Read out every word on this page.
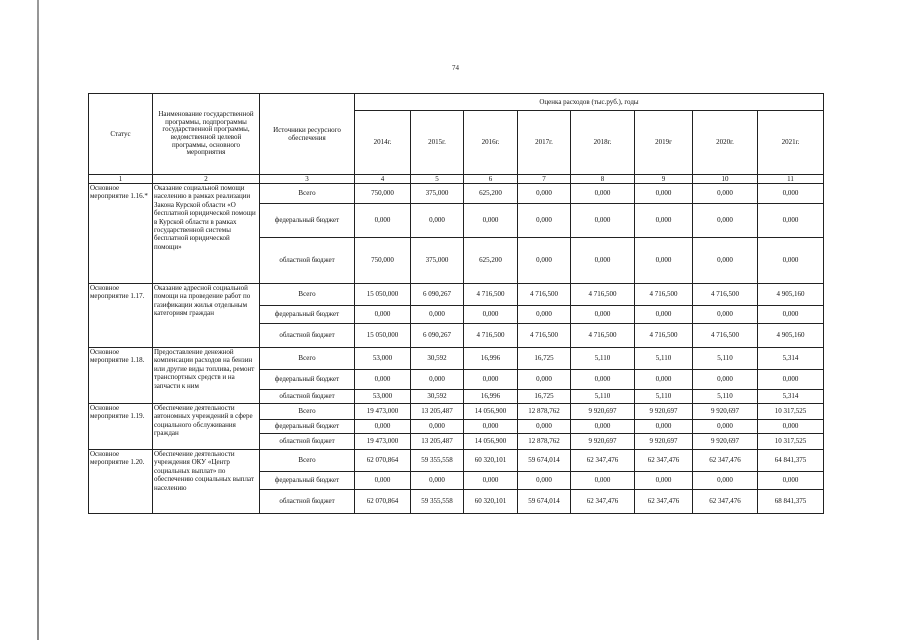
74
Статус	Наименование государственной программы, подпрограммы государственной программы, ведомственной целевой программы, основного мероприятия	Источники ресурсного обеспечения	Оценка расходов (тыс.руб.), годы							
			2014г.	2015г.	2016г.	2017г.	2018г.	2019г	2020г.	2021г.
1	2	3	4	5	6	7	8	9	10	11
Основное мероприятие 1.16.*	Оказание социальной помощи населению в рамках реализации Закона Курской области «О бесплатной юридической помощи в Курской области в рамках государственной системы бесплатной юридической помощи»	Всего	750,000	375,000	625,200	0,000	0,000	0,000	0,000	0,000
		федеральный бюджет	0,000	0,000	0,000	0,000	0,000	0,000	0,000	0,000
		областной бюджет	750,000	375,000	625,200	0,000	0,000	0,000	0,000	0,000
Основное мероприятие 1.17.	Оказание адресной социальной помощи на проведение работ по газификации жилья отдельным категориям граждан	Всего	15 050,000	6 090,267	4 716,500	4 716,500	4 716,500	4 716,500	4 716,500	4 905,160
		федеральный бюджет	0,000	0,000	0,000	0,000	0,000	0,000	0,000	0,000
		областной бюджет	15 050,000	6 090,267	4 716,500	4 716,500	4 716,500	4 716,500	4 716,500	4 905,160
Основное мероприятие 1.18.	Предоставление денежной компенсации расходов на бензин или другие виды топлива, ремонт транспортных средств и на запчасти к ним	Всего	53,000	30,592	16,996	16,725	5,110	5,110	5,110	5,314
		федеральный бюджет	0,000	0,000	0,000	0,000	0,000	0,000	0,000	0,000
		областной бюджет	53,000	30,592	16,996	16,725	5,110	5,110	5,110	5,314
Основное мероприятие 1.19.	Обеспечение деятельности автономных учреждений в сфере социального обслуживания граждан	Всего	19 473,000	13 205,487	14 056,900	12 878,762	9 920,697	9 920,697	9 920,697	10 317,525
		федеральный бюджет	0,000	0,000	0,000	0,000	0,000	0,000	0,000	0,000
		областной бюджет	19 473,000	13 205,487	14 056,900	12 878,762	9 920,697	9 920,697	9 920,697	10 317,525
Основное мероприятие 1.20.	Обеспечение деятельности учреждения ОКУ «Центр социальных выплат» по обеспечению социальных выплат населению	Всего	62 070,864	59 355,558	60 320,101	59 674,014	62 347,476	62 347,476	62 347,476	64 841,375
		федеральный бюджет	0,000	0,000	0,000	0,000	0,000	0,000	0,000	0,000
		областной бюджет	62 070,864	59 355,558	60 320,101	59 674,014	62 347,476	62 347,476	62 347,476	68 841,375
